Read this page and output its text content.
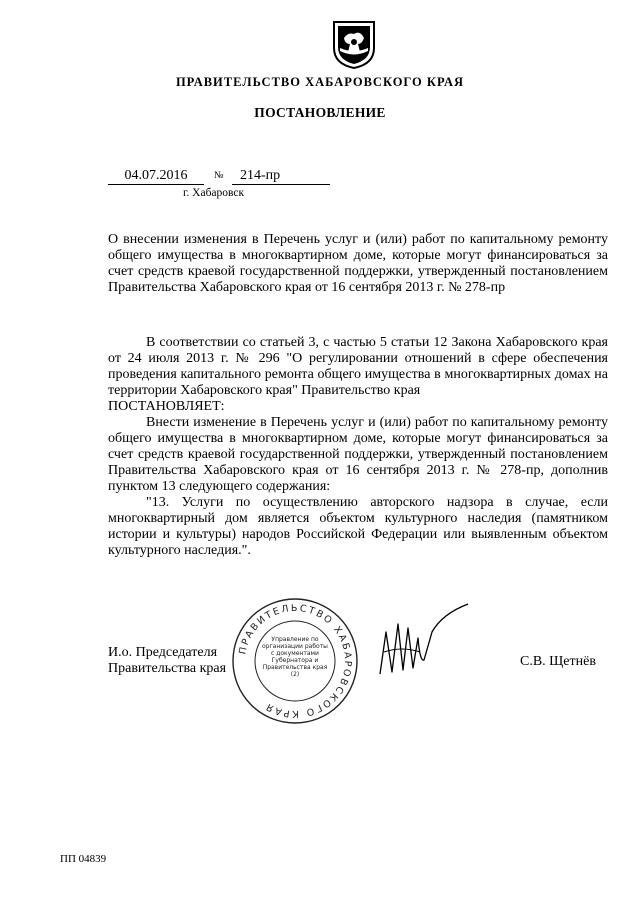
ПРАВИТЕЛЬСТВО ХАБАРОВСКОГО КРАЯ
ПОСТАНОВЛЕНИЕ
04.07.2016	№	214-пр
г. Хабаровск
О внесении изменения в Перечень услуг и (или) работ по капитальному ремонту общего имущества в многоквартирном доме, которые могут финансироваться за счет средств краевой государственной поддержки, утвержденный постановлением Правительства Хабаровского края от 16 сентября 2013 г. № 278-пр

В соответствии со статьей 3, с частью 5 статьи 12 Закона Хабаровского края от 24 июля 2013 г. № 296 "О регулировании отношений в сфере обеспечения проведения капитального ремонта общего имущества в многоквартирных домах на территории Хабаровского края" Правительство края

ПОСТАНОВЛЯЕТ:

Внести изменение в Перечень услуг и (или) работ по капитальному ремонту общего имущества в многоквартирном доме, которые могут финансироваться за счет средств краевой государственной поддержки, утвержденный постановлением Правительства Хабаровского края от 16 сентября 2013 г. № 278-пр, дополнив пунктом 13 следующего содержания:

"13. Услуги по осуществлению авторского надзора в случае, если многоквартирный дом является объектом культурного наследия (памятником истории и культуры) народов Российской Федерации или выявленным объектом культурного наследия.".

И.о. Председателя
Правительства края
ПРАВИТЕЛЬСТВО ХАБАРОВСКОГО КРАЯ
Управление по организации работы с документами Губернатора и Правительства края
(2)
С.В. Щетнёв
ПП 04839
